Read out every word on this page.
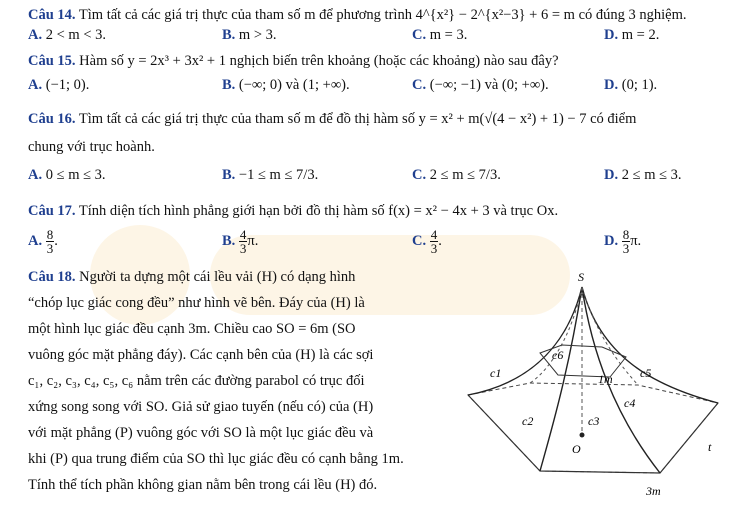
Câu 14. Tìm tất cả các giá trị thực của tham số m để phương trình 4^{x²} − 2^{x²−3} + 6 = m có đúng 3 nghiệm.
A. 2 < m < 3.	B. m > 3.	C. m = 3.	D. m = 2.
Câu 15. Hàm số y = 2x³ + 3x² + 1 nghịch biến trên khoảng (hoặc các khoảng) nào sau đây?
A. (−1; 0).	B. (−∞; 0) và (1; +∞).	C. (−∞; −1) và (0; +∞).	D. (0; 1).
Câu 16. Tìm tất cả các giá trị thực của tham số m để đồ thị hàm số y = x² + m(√(4 − x²) + 1) − 7 có điểm
chung với trục hoành.
A. 0 ≤ m ≤ 3.	B. −1 ≤ m ≤ 7/3.	C. 2 ≤ m ≤ 7/3.	D. 2 ≤ m ≤ 3.
Câu 17. Tính diện tích hình phẳng giới hạn bởi đồ thị hàm số f(x) = x² − 4x + 3 và trục Ox.
A. $\frac{8}{3}$ .	B. $\frac{4}{3} \pi$.	C. $\frac{4}{3}$ .	D. $\frac{8}{3} \pi$.
Câu 18. Người ta dựng một cái lều vải (H) có dạng hình
“chóp lục giác cong đều” như hình vẽ bên. Đáy của (H) là
một hình lục giác đều cạnh 3m. Chiều cao SO = 6m (SO
vuông góc mặt phẳng đáy). Các cạnh bên của (H) là các sợi
c₁, c₂, c₃, c₄, c₅, c₆ nằm trên các đường parabol có trục đối
xứng song song với SO. Giả sử giao tuyến (nếu có) của (H)
với mặt phẳng (P) vuông góc với SO là một lục giác đều và
khi (P) qua trung điểm của SO thì lục giác đều có cạnh bằng 1m.
Tính thể tích phần không gian nằm bên trong cái lều (H) đó.
S
O
1m
3m
c1
c2	c3
c4
c5
c6
t
